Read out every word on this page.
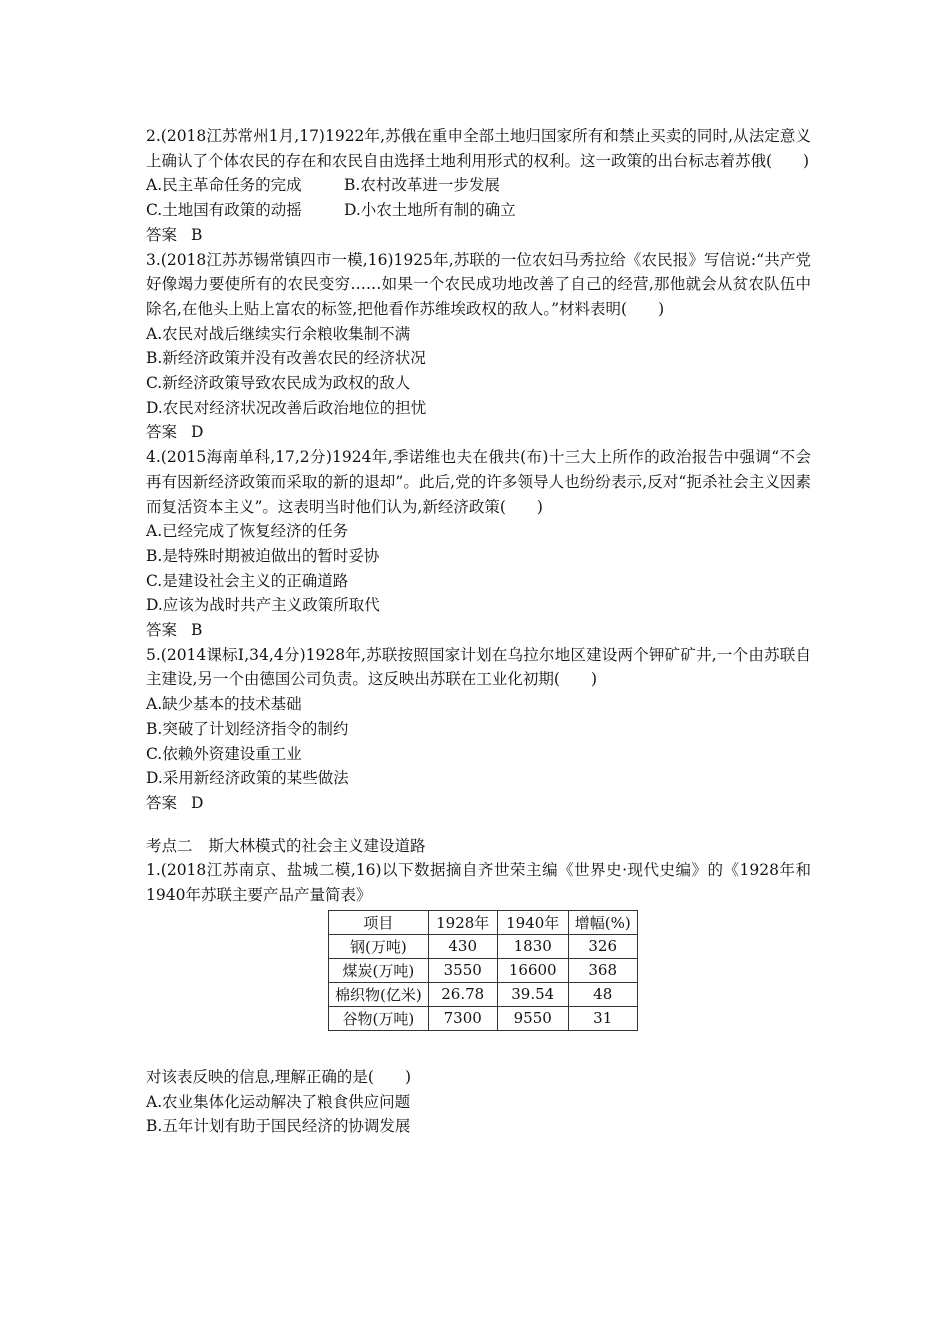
2.(2018江苏常州1月,17)1922年,苏俄在重申全部土地归国家所有和禁止买卖的同时,从法定意义上确认了个体农民的存在和农民自由选择土地利用形式的权利。这一政策的出台标志着苏俄(　　)
A.民主革命任务的完成	B.农村改革进一步发展
C.土地国有政策的动摇	D.小农土地所有制的确立
答案 B
3.(2018江苏苏锡常镇四市一模,16)1925年,苏联的一位农妇马秀拉给《农民报》写信说:“共产党好像竭力要使所有的农民变穷……如果一个农民成功地改善了自己的经营,那他就会从贫农队伍中除名,在他头上贴上富农的标签,把他看作苏维埃政权的敌人。”材料表明(　　)
A.农民对战后继续实行余粮收集制不满
B.新经济政策并没有改善农民的经济状况
C.新经济政策导致农民成为政权的敌人
D.农民对经济状况改善后政治地位的担忧
答案 D
4.(2015海南单科,17,2分)1924年,季诺维也夫在俄共(布)十三大上所作的政治报告中强调“不会再有因新经济政策而采取的新的退却”。此后,党的许多领导人也纷纷表示,反对“扼杀社会主义因素而复活资本主义”。这表明当时他们认为,新经济政策(　　)
A.已经完成了恢复经济的任务
B.是特殊时期被迫做出的暂时妥协
C.是建设社会主义的正确道路
D.应该为战时共产主义政策所取代
答案 B
5.(2014课标Ⅰ,34,4分)1928年,苏联按照国家计划在乌拉尔地区建设两个钾矿矿井,一个由苏联自主建设,另一个由德国公司负责。这反映出苏联在工业化初期(　　)
A.缺少基本的技术基础
B.突破了计划经济指令的制约
C.依赖外资建设重工业
D.采用新经济政策的某些做法
答案 D
考点二 斯大林模式的社会主义建设道路
1.(2018江苏南京、盐城二模,16)以下数据摘自齐世荣主编《世界史·现代史编》的《1928年和1940年苏联主要产品产量简表》
项目	1928年	1940年	增幅(%)
钢(万吨)	430	1830	326
煤炭(万吨)	3550	16600	368
棉织物(亿米)	26.78	39.54	48
谷物(万吨)	7300	9550	31
对该表反映的信息,理解正确的是(　　)
A.农业集体化运动解决了粮食供应问题
B.五年计划有助于国民经济的协调发展
